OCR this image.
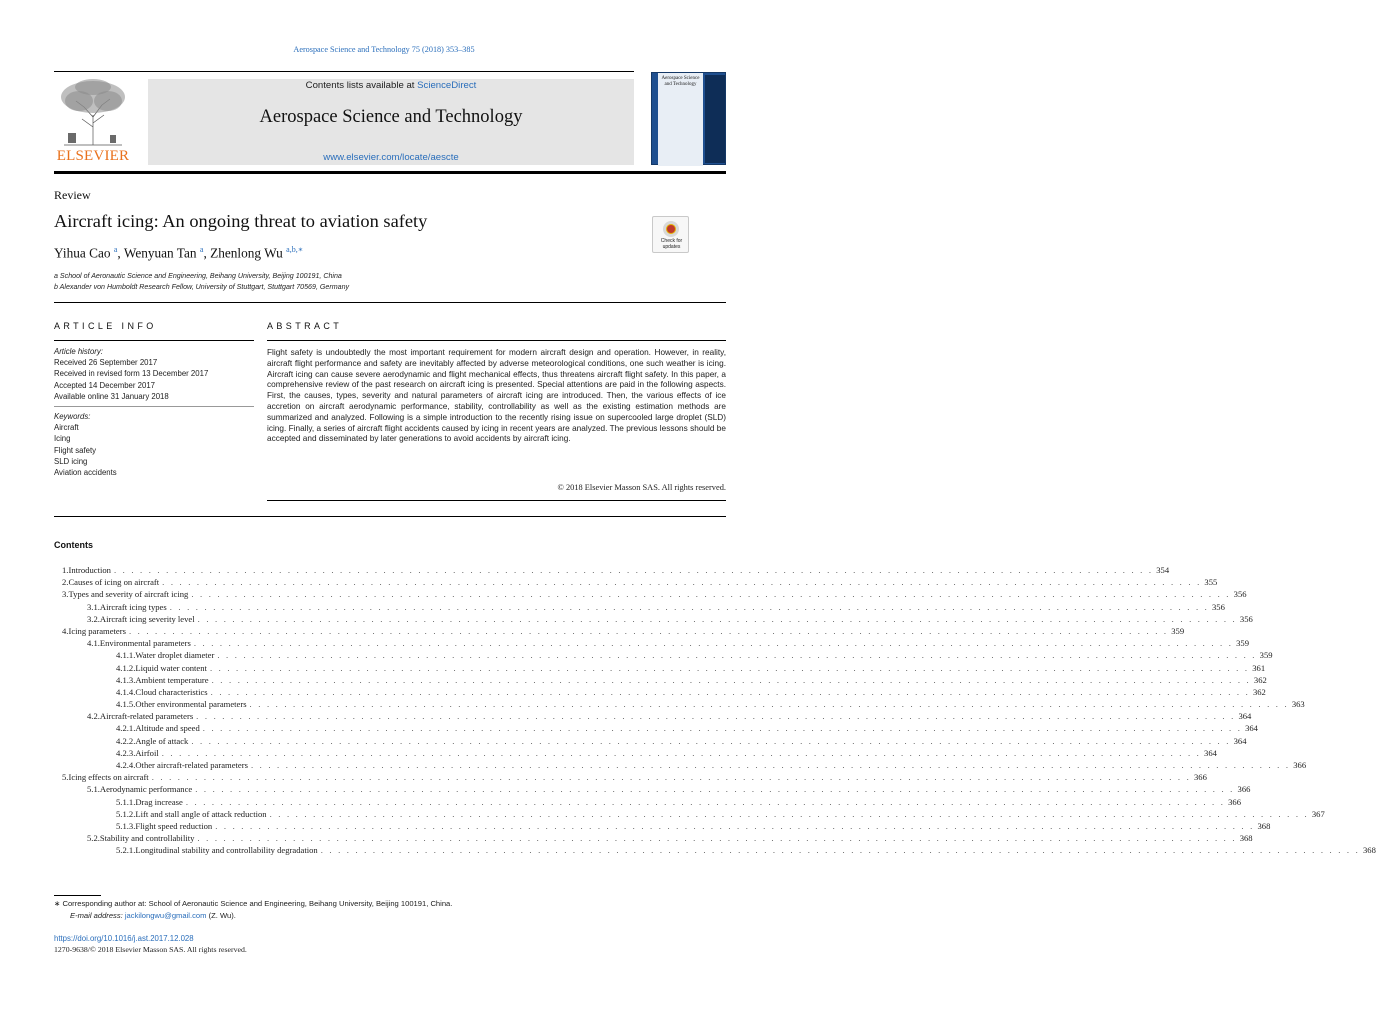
Aerospace Science and Technology 75 (2018) 353–385
ELSEVIER
Contents lists available at ScienceDirect
Aerospace Science and Technology
www.elsevier.com/locate/aescte
Aerospace Science and Technology
Review
Aircraft icing: An ongoing threat to aviation safety
Yihua Cao $^a$, Wenyuan Tan $^a$, Zhenlong Wu $^{a,b,∗}$
Check for updates
a School of Aeronautic Science and Engineering, Beihang University, Beijing 100191, China
b Alexander von Humboldt Research Fellow, University of Stuttgart, Stuttgart 70569, Germany
ARTICLE INFO	ABSTRACT
Article history:
Received 26 September 2017
Received in revised form 13 December 2017
Accepted 14 December 2017
Available online 31 January 2018
Keywords:
Aircraft
Icing
Flight safety
SLD icing
Aviation accidents
Flight safety is undoubtedly the most important requirement for modern aircraft design and operation. However, in reality, aircraft flight performance and safety are inevitably affected by adverse meteorological conditions, one such weather is icing. Aircraft icing can cause severe aerodynamic and flight mechanical effects, thus threatens aircraft flight safety. In this paper, a comprehensive review of the past research on aircraft icing is presented. Special attentions are paid in the following aspects. First, the causes, types, severity and natural parameters of aircraft icing are introduced. Then, the various effects of ice accretion on aircraft aerodynamic performance, stability, controllability as well as the existing estimation methods are summarized and analyzed. Following is a simple introduction to the recently rising issue on supercooled large droplet (SLD) icing. Finally, a series of aircraft flight accidents caused by icing in recent years are analyzed. The previous lessons should be accepted and disseminated by later generations to avoid accidents by aircraft icing.
© 2018 Elsevier Masson SAS. All rights reserved.
Contents
1. Introduction . . . . . . . . . . . . . . . . . . . . . . . . . . . . . . . . . . . . . . . . . . . . . . . . . . . . . . . . . . . . . . . . . . . . . . . . . . . . . . . . . . . . . . . . . . . . . . . . . . . . . . . . . . . . . . . . . . . . . . . . 354
2. Causes of icing on aircraft . . . . . . . . . . . . . . . . . . . . . . . . . . . . . . . . . . . . . . . . . . . . . . . . . . . . . . . . . . . . . . . . . . . . . . . . . . . . . . . . . . . . . . . . . . . . . . . . . . . . . . . . . . . . . . . . . . . . . . . . 355
3. Types and severity of aircraft icing . . . . . . . . . . . . . . . . . . . . . . . . . . . . . . . . . . . . . . . . . . . . . . . . . . . . . . . . . . . . . . . . . . . . . . . . . . . . . . . . . . . . . . . . . . . . . . . . . . . . . . . . . . . . . . . . . . . . . . . . 356
3.1. Aircraft icing types . . . . . . . . . . . . . . . . . . . . . . . . . . . . . . . . . . . . . . . . . . . . . . . . . . . . . . . . . . . . . . . . . . . . . . . . . . . . . . . . . . . . . . . . . . . . . . . . . . . . . . . . . . . . . . . . . . . . . . . . 356
3.2. Aircraft icing severity level . . . . . . . . . . . . . . . . . . . . . . . . . . . . . . . . . . . . . . . . . . . . . . . . . . . . . . . . . . . . . . . . . . . . . . . . . . . . . . . . . . . . . . . . . . . . . . . . . . . . . . . . . . . . . . . . . . . . . . . . 356
4. Icing parameters . . . . . . . . . . . . . . . . . . . . . . . . . . . . . . . . . . . . . . . . . . . . . . . . . . . . . . . . . . . . . . . . . . . . . . . . . . . . . . . . . . . . . . . . . . . . . . . . . . . . . . . . . . . . . . . . . . . . . . . . 359
4.1. Environmental parameters . . . . . . . . . . . . . . . . . . . . . . . . . . . . . . . . . . . . . . . . . . . . . . . . . . . . . . . . . . . . . . . . . . . . . . . . . . . . . . . . . . . . . . . . . . . . . . . . . . . . . . . . . . . . . . . . . . . . . . . . 359
4.1.1. Water droplet diameter . . . . . . . . . . . . . . . . . . . . . . . . . . . . . . . . . . . . . . . . . . . . . . . . . . . . . . . . . . . . . . . . . . . . . . . . . . . . . . . . . . . . . . . . . . . . . . . . . . . . . . . . . . . . . . . . . . . . . . . . 359
4.1.2. Liquid water content . . . . . . . . . . . . . . . . . . . . . . . . . . . . . . . . . . . . . . . . . . . . . . . . . . . . . . . . . . . . . . . . . . . . . . . . . . . . . . . . . . . . . . . . . . . . . . . . . . . . . . . . . . . . . . . . . . . . . . . . 361
4.1.3. Ambient temperature . . . . . . . . . . . . . . . . . . . . . . . . . . . . . . . . . . . . . . . . . . . . . . . . . . . . . . . . . . . . . . . . . . . . . . . . . . . . . . . . . . . . . . . . . . . . . . . . . . . . . . . . . . . . . . . . . . . . . . . . 362
4.1.4. Cloud characteristics . . . . . . . . . . . . . . . . . . . . . . . . . . . . . . . . . . . . . . . . . . . . . . . . . . . . . . . . . . . . . . . . . . . . . . . . . . . . . . . . . . . . . . . . . . . . . . . . . . . . . . . . . . . . . . . . . . . . . . . . 362
4.1.5. Other environmental parameters . . . . . . . . . . . . . . . . . . . . . . . . . . . . . . . . . . . . . . . . . . . . . . . . . . . . . . . . . . . . . . . . . . . . . . . . . . . . . . . . . . . . . . . . . . . . . . . . . . . . . . . . . . . . . . . . . . . . . . . . 363
4.2. Aircraft-related parameters . . . . . . . . . . . . . . . . . . . . . . . . . . . . . . . . . . . . . . . . . . . . . . . . . . . . . . . . . . . . . . . . . . . . . . . . . . . . . . . . . . . . . . . . . . . . . . . . . . . . . . . . . . . . . . . . . . . . . . . . 364
4.2.1. Altitude and speed . . . . . . . . . . . . . . . . . . . . . . . . . . . . . . . . . . . . . . . . . . . . . . . . . . . . . . . . . . . . . . . . . . . . . . . . . . . . . . . . . . . . . . . . . . . . . . . . . . . . . . . . . . . . . . . . . . . . . . . . 364
4.2.2. Angle of attack . . . . . . . . . . . . . . . . . . . . . . . . . . . . . . . . . . . . . . . . . . . . . . . . . . . . . . . . . . . . . . . . . . . . . . . . . . . . . . . . . . . . . . . . . . . . . . . . . . . . . . . . . . . . . . . . . . . . . . . . 364
4.2.3. Airfoil . . . . . . . . . . . . . . . . . . . . . . . . . . . . . . . . . . . . . . . . . . . . . . . . . . . . . . . . . . . . . . . . . . . . . . . . . . . . . . . . . . . . . . . . . . . . . . . . . . . . . . . . . . . . . . . . . . . . . . . . 364
4.2.4. Other aircraft-related parameters . . . . . . . . . . . . . . . . . . . . . . . . . . . . . . . . . . . . . . . . . . . . . . . . . . . . . . . . . . . . . . . . . . . . . . . . . . . . . . . . . . . . . . . . . . . . . . . . . . . . . . . . . . . . . . . . . . . . . . . . 366
5. Icing effects on aircraft . . . . . . . . . . . . . . . . . . . . . . . . . . . . . . . . . . . . . . . . . . . . . . . . . . . . . . . . . . . . . . . . . . . . . . . . . . . . . . . . . . . . . . . . . . . . . . . . . . . . . . . . . . . . . . . . . . . . . . . . 366
5.1. Aerodynamic performance . . . . . . . . . . . . . . . . . . . . . . . . . . . . . . . . . . . . . . . . . . . . . . . . . . . . . . . . . . . . . . . . . . . . . . . . . . . . . . . . . . . . . . . . . . . . . . . . . . . . . . . . . . . . . . . . . . . . . . . . 366
5.1.1. Drag increase . . . . . . . . . . . . . . . . . . . . . . . . . . . . . . . . . . . . . . . . . . . . . . . . . . . . . . . . . . . . . . . . . . . . . . . . . . . . . . . . . . . . . . . . . . . . . . . . . . . . . . . . . . . . . . . . . . . . . . . . 366
5.1.2. Lift and stall angle of attack reduction . . . . . . . . . . . . . . . . . . . . . . . . . . . . . . . . . . . . . . . . . . . . . . . . . . . . . . . . . . . . . . . . . . . . . . . . . . . . . . . . . . . . . . . . . . . . . . . . . . . . . . . . . . . . . . . . . . . . . . . . 367
5.1.3. Flight speed reduction . . . . . . . . . . . . . . . . . . . . . . . . . . . . . . . . . . . . . . . . . . . . . . . . . . . . . . . . . . . . . . . . . . . . . . . . . . . . . . . . . . . . . . . . . . . . . . . . . . . . . . . . . . . . . . . . . . . . . . . . 368
5.2. Stability and controllability . . . . . . . . . . . . . . . . . . . . . . . . . . . . . . . . . . . . . . . . . . . . . . . . . . . . . . . . . . . . . . . . . . . . . . . . . . . . . . . . . . . . . . . . . . . . . . . . . . . . . . . . . . . . . . . . . . . . . . . . 368
5.2.1. Longitudinal stability and controllability degradation . . . . . . . . . . . . . . . . . . . . . . . . . . . . . . . . . . . . . . . . . . . . . . . . . . . . . . . . . . . . . . . . . . . . . . . . . . . . . . . . . . . . . . . . . . . . . . . . . . . . . . . . . . . . . . . . . . . . . . . . 368
∗ Corresponding author at: School of Aeronautic Science and Engineering, Beihang University, Beijing 100191, China.
E-mail address: jackilongwu@gmail.com (Z. Wu).
https://doi.org/10.1016/j.ast.2017.12.028
1270-9638/© 2018 Elsevier Masson SAS. All rights reserved.
